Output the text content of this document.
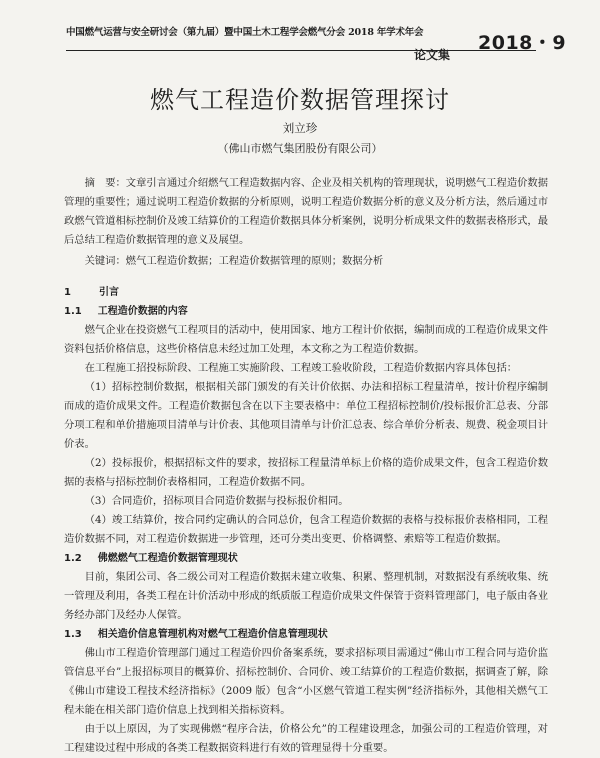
中国燃气运营与安全研讨会（第九届）暨中国土木工程学会燃气分会 2018 年学术年会	2018・9
论文集
燃气工程造价数据管理探讨
刘立珍
（佛山市燃气集团股份有限公司）

摘　要：文章引言通过介绍燃气工程造数据内容、企业及相关机构的管理现状，说明燃气工程造价数据管理的重要性；通过说明工程造价数据的分析原则，说明工程造价数据分析的意义及分析方法，然后通过市政燃气管道相标控制价及竣工结算价的工程造价数据具体分析案例，说明分析成果文件的数据表格形式，最后总结工程造价数据管理的意义及展望。

关键词：燃气工程造价数据；工程造价数据管理的原则；数据分析

1	引言

1.1 工程造价数据的内容

燃气企业在投资燃气工程项目的活动中，使用国家、地方工程计价依据，编制而成的工程造价成果文件资料包括价格信息，这些价格信息未经过加工处理，本文称之为工程造价数据。

在工程施工招投标阶段、工程施工实施阶段、工程竣工验收阶段，工程造价数据内容具体包括：

（1）招标控制价数据，根据相关部门颁发的有关计价依据、办法和招标工程量清单，按计价程序编制而成的造价成果文件。工程造价数据包含在以下主要表格中：单位工程招标控制价/投标报价汇总表、分部分项工程和单价措施项目清单与计价表、其他项目清单与计价汇总表、综合单价分析表、规费、税金项目计价表。

（2）投标报价，根据招标文件的要求，按招标工程量清单标上价格的造价成果文件，包含工程造价数据的表格与招标控制价表格相同，工程造价数据不同。

（3）合同造价，招标项目合同造价数据与投标报价相同。

（4）竣工结算价，按合同约定确认的合同总价，包含工程造价数据的表格与投标报价表格相同，工程造价数据不同，对工程造价数据进一步管理，还可分类出变更、价格调整、索赔等工程造价数据。

1.2 佛燃燃气工程造价数据管理现状

目前，集团公司、各二级公司对工程造价数据未建立收集、积累、整理机制，对数据没有系统收集、统一管理及利用，各类工程在计价活动中形成的纸质版工程造价成果文件保管于资料管理部门，电子版由各业务经办部门及经办人保管。

1.3 相关造价信息管理机构对燃气工程造价信息管理现状

佛山市工程造价管理部门通过工程造价四价备案系统，要求招标项目需通过“佛山市工程合同与造价监管信息平台”上报招标项目的概算价、招标控制价、合同价、竣工结算价的工程造价数据，据调查了解，除《佛山市建设工程技术经济指标》（2009 版）包含“小区燃气管道工程实例”经济指标外，其他相关燃气工程未能在相关部门造价信息上找到相关指标资料。

由于以上原因，为了实现佛燃“程序合法，价格公允”的工程建设理念，加强公司的工程造价管理，对工程建设过程中形成的各类工程数据资料进行有效的管理显得十分重要。
